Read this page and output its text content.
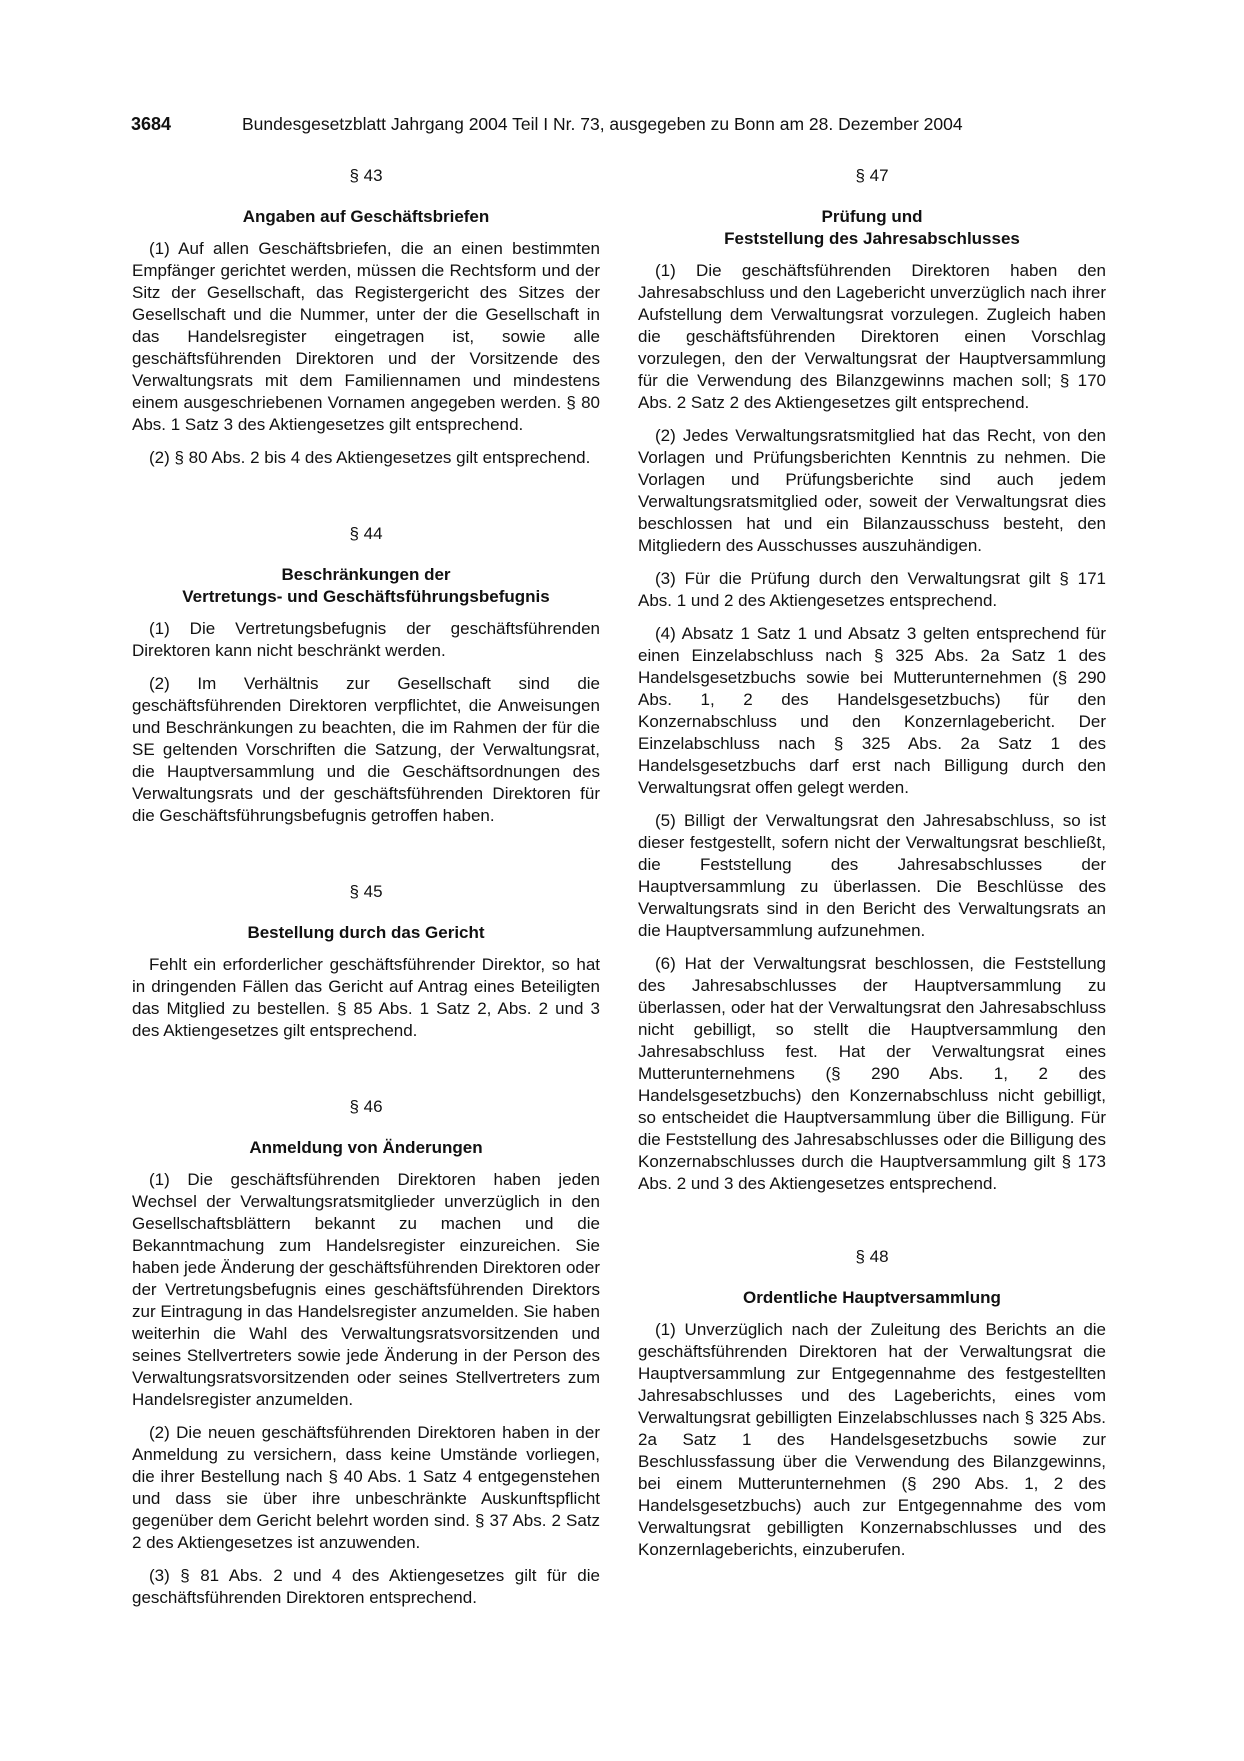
3684	Bundesgesetzblatt Jahrgang 2004 Teil I Nr. 73, ausgegeben zu Bonn am 28. Dezember 2004
§ 43
Angaben auf Geschäftsbriefen

(1) Auf allen Geschäftsbriefen, die an einen bestimmten Empfänger gerichtet werden, müssen die Rechtsform und der Sitz der Gesellschaft, das Registergericht des Sitzes der Gesellschaft und die Nummer, unter der die Gesellschaft in das Handelsregister eingetragen ist, sowie alle geschäftsführenden Direktoren und der Vorsitzende des Verwaltungsrats mit dem Familiennamen und mindestens einem ausgeschriebenen Vornamen angegeben werden. § 80 Abs. 1 Satz 3 des Aktiengesetzes gilt entsprechend.

(2) § 80 Abs. 2 bis 4 des Aktiengesetzes gilt entsprechend.

§ 44
Beschränkungen der
Vertretungs- und Geschäftsführungsbefugnis

(1) Die Vertretungsbefugnis der geschäftsführenden Direktoren kann nicht beschränkt werden.

(2) Im Verhältnis zur Gesellschaft sind die geschäftsführenden Direktoren verpflichtet, die Anweisungen und Beschränkungen zu beachten, die im Rahmen der für die SE geltenden Vorschriften die Satzung, der Verwaltungsrat, die Hauptversammlung und die Geschäftsordnungen des Verwaltungsrats und der geschäftsführenden Direktoren für die Geschäftsführungsbefugnis getroffen haben.

§ 45
Bestellung durch das Gericht

Fehlt ein erforderlicher geschäftsführender Direktor, so hat in dringenden Fällen das Gericht auf Antrag eines Beteiligten das Mitglied zu bestellen. § 85 Abs. 1 Satz 2, Abs. 2 und 3 des Aktiengesetzes gilt entsprechend.

§ 46
Anmeldung von Änderungen

(1) Die geschäftsführenden Direktoren haben jeden Wechsel der Verwaltungsratsmitglieder unverzüglich in den Gesellschaftsblättern bekannt zu machen und die Bekanntmachung zum Handelsregister einzureichen. Sie haben jede Änderung der geschäftsführenden Direktoren oder der Vertretungsbefugnis eines geschäftsführenden Direktors zur Eintragung in das Handelsregister anzumelden. Sie haben weiterhin die Wahl des Verwaltungsratsvorsitzenden und seines Stellvertreters sowie jede Änderung in der Person des Verwaltungsratsvorsitzenden oder seines Stellvertreters zum Handelsregister anzumelden.

(2) Die neuen geschäftsführenden Direktoren haben in der Anmeldung zu versichern, dass keine Umstände vorliegen, die ihrer Bestellung nach § 40 Abs. 1 Satz 4 entgegenstehen und dass sie über ihre unbeschränkte Auskunftspflicht gegenüber dem Gericht belehrt worden sind. § 37 Abs. 2 Satz 2 des Aktiengesetzes ist anzuwenden.

(3) § 81 Abs. 2 und 4 des Aktiengesetzes gilt für die geschäftsführenden Direktoren entsprechend.

§ 47
Prüfung und
Feststellung des Jahresabschlusses

(1) Die geschäftsführenden Direktoren haben den Jahresabschluss und den Lagebericht unverzüglich nach ihrer Aufstellung dem Verwaltungsrat vorzulegen. Zugleich haben die geschäftsführenden Direktoren einen Vorschlag vorzulegen, den der Verwaltungsrat der Hauptversammlung für die Verwendung des Bilanzgewinns machen soll; § 170 Abs. 2 Satz 2 des Aktiengesetzes gilt entsprechend.

(2) Jedes Verwaltungsratsmitglied hat das Recht, von den Vorlagen und Prüfungsberichten Kenntnis zu nehmen. Die Vorlagen und Prüfungsberichte sind auch jedem Verwaltungsratsmitglied oder, soweit der Verwaltungsrat dies beschlossen hat und ein Bilanzausschuss besteht, den Mitgliedern des Ausschusses auszuhändigen.

(3) Für die Prüfung durch den Verwaltungsrat gilt § 171 Abs. 1 und 2 des Aktiengesetzes entsprechend.

(4) Absatz 1 Satz 1 und Absatz 3 gelten entsprechend für einen Einzelabschluss nach § 325 Abs. 2a Satz 1 des Handelsgesetzbuchs sowie bei Mutterunternehmen (§ 290 Abs. 1, 2 des Handelsgesetzbuchs) für den Konzernabschluss und den Konzernlagebericht. Der Einzelabschluss nach § 325 Abs. 2a Satz 1 des Handelsgesetzbuchs darf erst nach Billigung durch den Verwaltungsrat offen gelegt werden.

(5) Billigt der Verwaltungsrat den Jahresabschluss, so ist dieser festgestellt, sofern nicht der Verwaltungsrat beschließt, die Feststellung des Jahresabschlusses der Hauptversammlung zu überlassen. Die Beschlüsse des Verwaltungsrats sind in den Bericht des Verwaltungsrats an die Hauptversammlung aufzunehmen.

(6) Hat der Verwaltungsrat beschlossen, die Feststellung des Jahresabschlusses der Hauptversammlung zu überlassen, oder hat der Verwaltungsrat den Jahresabschluss nicht gebilligt, so stellt die Hauptversammlung den Jahresabschluss fest. Hat der Verwaltungsrat eines Mutterunternehmens (§ 290 Abs. 1, 2 des Handelsgesetzbuchs) den Konzernabschluss nicht gebilligt, so entscheidet die Hauptversammlung über die Billigung. Für die Feststellung des Jahresabschlusses oder die Billigung des Konzernabschlusses durch die Hauptversammlung gilt § 173 Abs. 2 und 3 des Aktiengesetzes entsprechend.

§ 48
Ordentliche Hauptversammlung

(1) Unverzüglich nach der Zuleitung des Berichts an die geschäftsführenden Direktoren hat der Verwaltungsrat die Hauptversammlung zur Entgegennahme des festgestellten Jahresabschlusses und des Lageberichts, eines vom Verwaltungsrat gebilligten Einzelabschlusses nach § 325 Abs. 2a Satz 1 des Handelsgesetzbuchs sowie zur Beschlussfassung über die Verwendung des Bilanzgewinns, bei einem Mutterunternehmen (§ 290 Abs. 1, 2 des Handelsgesetzbuchs) auch zur Entgegennahme des vom Verwaltungsrat gebilligten Konzernabschlusses und des Konzernlageberichts, einzuberufen.
